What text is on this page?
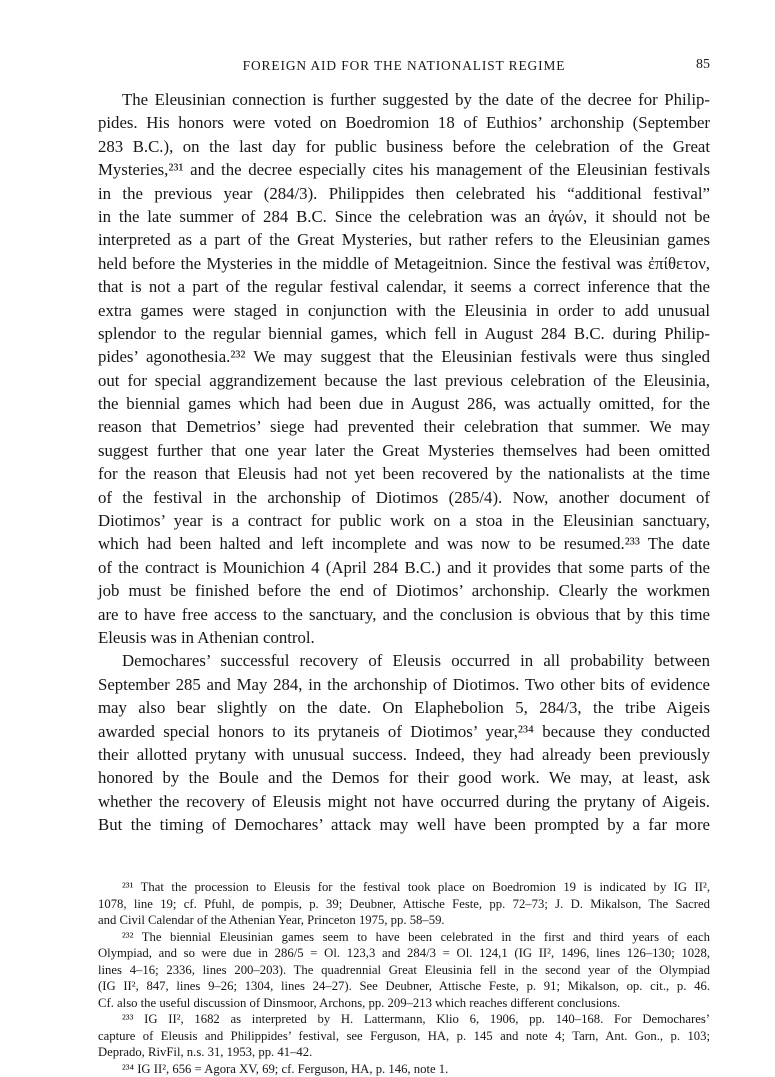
FOREIGN AID FOR THE NATIONALIST REGIME	85
The Eleusinian connection is further suggested by the date of the decree for Philip-
pides. His honors were voted on Boedromion 18 of Euthios’ archonship (September
283 B.C.), on the last day for public business before the celebration of the Great
Mysteries,²³¹ and the decree especially cites his management of the Eleusinian festivals
in the previous year (284/3). Philippides then celebrated his “additional festival”
in the late summer of 284 B.C. Since the celebration was an ἀγών, it should not be
interpreted as a part of the Great Mysteries, but rather refers to the Eleusinian games
held before the Mysteries in the middle of Metageitnion. Since the festival was ἐπίθετον,
that is not a part of the regular festival calendar, it seems a correct inference that the
extra games were staged in conjunction with the Eleusinia in order to add unusual
splendor to the regular biennial games, which fell in August 284 B.C. during Philip-
pides’ agonothesia.²³² We may suggest that the Eleusinian festivals were thus singled
out for special aggrandizement because the last previous celebration of the Eleusinia,
the biennial games which had been due in August 286, was actually omitted, for the
reason that Demetrios’ siege had prevented their celebration that summer. We may
suggest further that one year later the Great Mysteries themselves had been omitted
for the reason that Eleusis had not yet been recovered by the nationalists at the time
of the festival in the archonship of Diotimos (285/4). Now, another document of
Diotimos’ year is a contract for public work on a stoa in the Eleusinian sanctuary,
which had been halted and left incomplete and was now to be resumed.²³³ The date
of the contract is Mounichion 4 (April 284 B.C.) and it provides that some parts of the
job must be finished before the end of Diotimos’ archonship. Clearly the workmen
are to have free access to the sanctuary, and the conclusion is obvious that by this time
Eleusis was in Athenian control.
Demochares’ successful recovery of Eleusis occurred in all probability between
September 285 and May 284, in the archonship of Diotimos. Two other bits of evidence
may also bear slightly on the date. On Elaphebolion 5, 284/3, the tribe Aigeis
awarded special honors to its prytaneis of Diotimos’ year,²³⁴ because they conducted
their allotted prytany with unusual success. Indeed, they had already been previously
honored by the Boule and the Demos for their good work. We may, at least, ask
whether the recovery of Eleusis might not have occurred during the prytany of Aigeis.
But the timing of Demochares’ attack may well have been prompted by a far more
²³¹ That the procession to Eleusis for the festival took place on Boedromion 19 is indicated by IG II²,
1078, line 19; cf. Pfuhl, de pompis, p. 39; Deubner, Attische Feste, pp. 72–73; J. D. Mikalson, The Sacred
and Civil Calendar of the Athenian Year, Princeton 1975, pp. 58–59.
²³² The biennial Eleusinian games seem to have been celebrated in the first and third years of each
Olympiad, and so were due in 286/5 = Ol. 123,3 and 284/3 = Ol. 124,1 (IG II², 1496, lines 126–130; 1028,
lines 4–16; 2336, lines 200–203). The quadrennial Great Eleusinia fell in the second year of the Olympiad
(IG II², 847, lines 9–26; 1304, lines 24–27). See Deubner, Attische Feste, p. 91; Mikalson, op. cit., p. 46.
Cf. also the useful discussion of Dinsmoor, Archons, pp. 209–213 which reaches different conclusions.
²³³ IG II², 1682 as interpreted by H. Lattermann, Klio 6, 1906, pp. 140–168. For Demochares’
capture of Eleusis and Philippides’ festival, see Ferguson, HA, p. 145 and note 4; Tarn, Ant. Gon., p. 103;
Deprado, RivFil, n.s. 31, 1953, pp. 41–42.
²³⁴ IG II², 656 = Agora XV, 69; cf. Ferguson, HA, p. 146, note 1.
